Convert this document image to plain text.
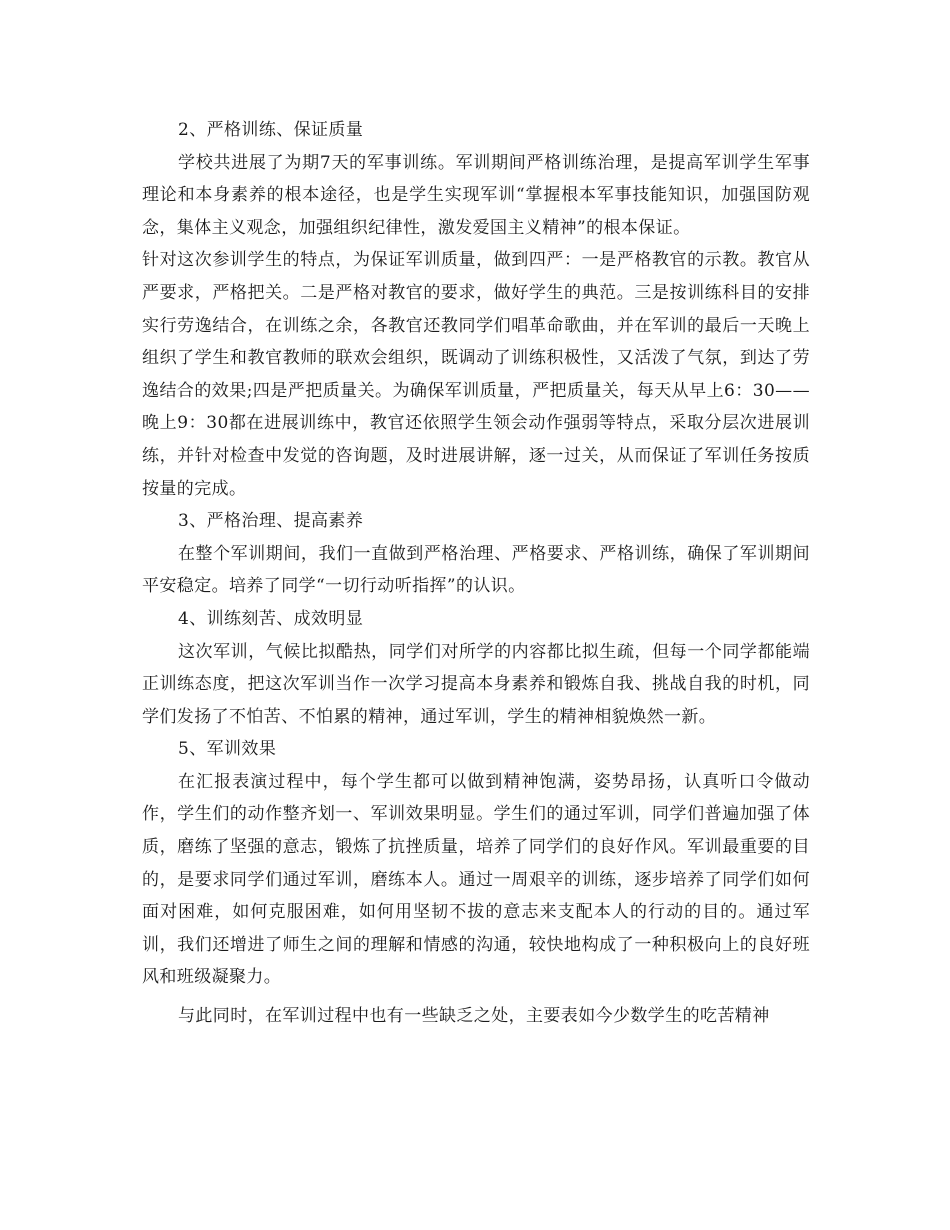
2、严格训练、保证质量

学校共进展了为期7天的军事训练。军训期间严格训练治理，是提高军训学生军事理论和本身素养的根本途径，也是学生实现军训“掌握根本军事技能知识，加强国防观念，集体主义观念，加强组织纪律性，激发爱国主义精神”的根本保证。

针对这次参训学生的特点，为保证军训质量，做到四严：一是严格教官的示教。教官从严要求，严格把关。二是严格对教官的要求，做好学生的典范。三是按训练科目的安排实行劳逸结合，在训练之余，各教官还教同学们唱革命歌曲，并在军训的最后一天晚上组织了学生和教官教师的联欢会组织，既调动了训练积极性，又活泼了气氛，到达了劳逸结合的效果;四是严把质量关。为确保军训质量，严把质量关，每天从早上6：30——晚上9：30都在进展训练中，教官还依照学生领会动作强弱等特点，采取分层次进展训练，并针对检查中发觉的咨询题，及时进展讲解，逐一过关，从而保证了军训任务按质按量的完成。

3、严格治理、提高素养

在整个军训期间，我们一直做到严格治理、严格要求、严格训练，确保了军训期间平安稳定。培养了同学“一切行动听指挥”的认识。

4、训练刻苦、成效明显

这次军训，气候比拟酷热，同学们对所学的内容都比拟生疏，但每一个同学都能端正训练态度，把这次军训当作一次学习提高本身素养和锻炼自我、挑战自我的时机，同学们发扬了不怕苦、不怕累的精神，通过军训，学生的精神相貌焕然一新。

5、军训效果

在汇报表演过程中，每个学生都可以做到精神饱满，姿势昂扬，认真听口令做动作，学生们的动作整齐划一、军训效果明显。学生们的通过军训，同学们普遍加强了体质，磨练了坚强的意志，锻炼了抗挫质量，培养了同学们的良好作风。军训最重要的目的，是要求同学们通过军训，磨练本人。通过一周艰辛的训练，逐步培养了同学们如何面对困难，如何克服困难，如何用坚韧不拔的意志来支配本人的行动的目的。通过军训，我们还增进了师生之间的理解和情感的沟通，较快地构成了一种积极向上的良好班风和班级凝聚力。

与此同时，在军训过程中也有一些缺乏之处，主要表如今少数学生的吃苦精神
